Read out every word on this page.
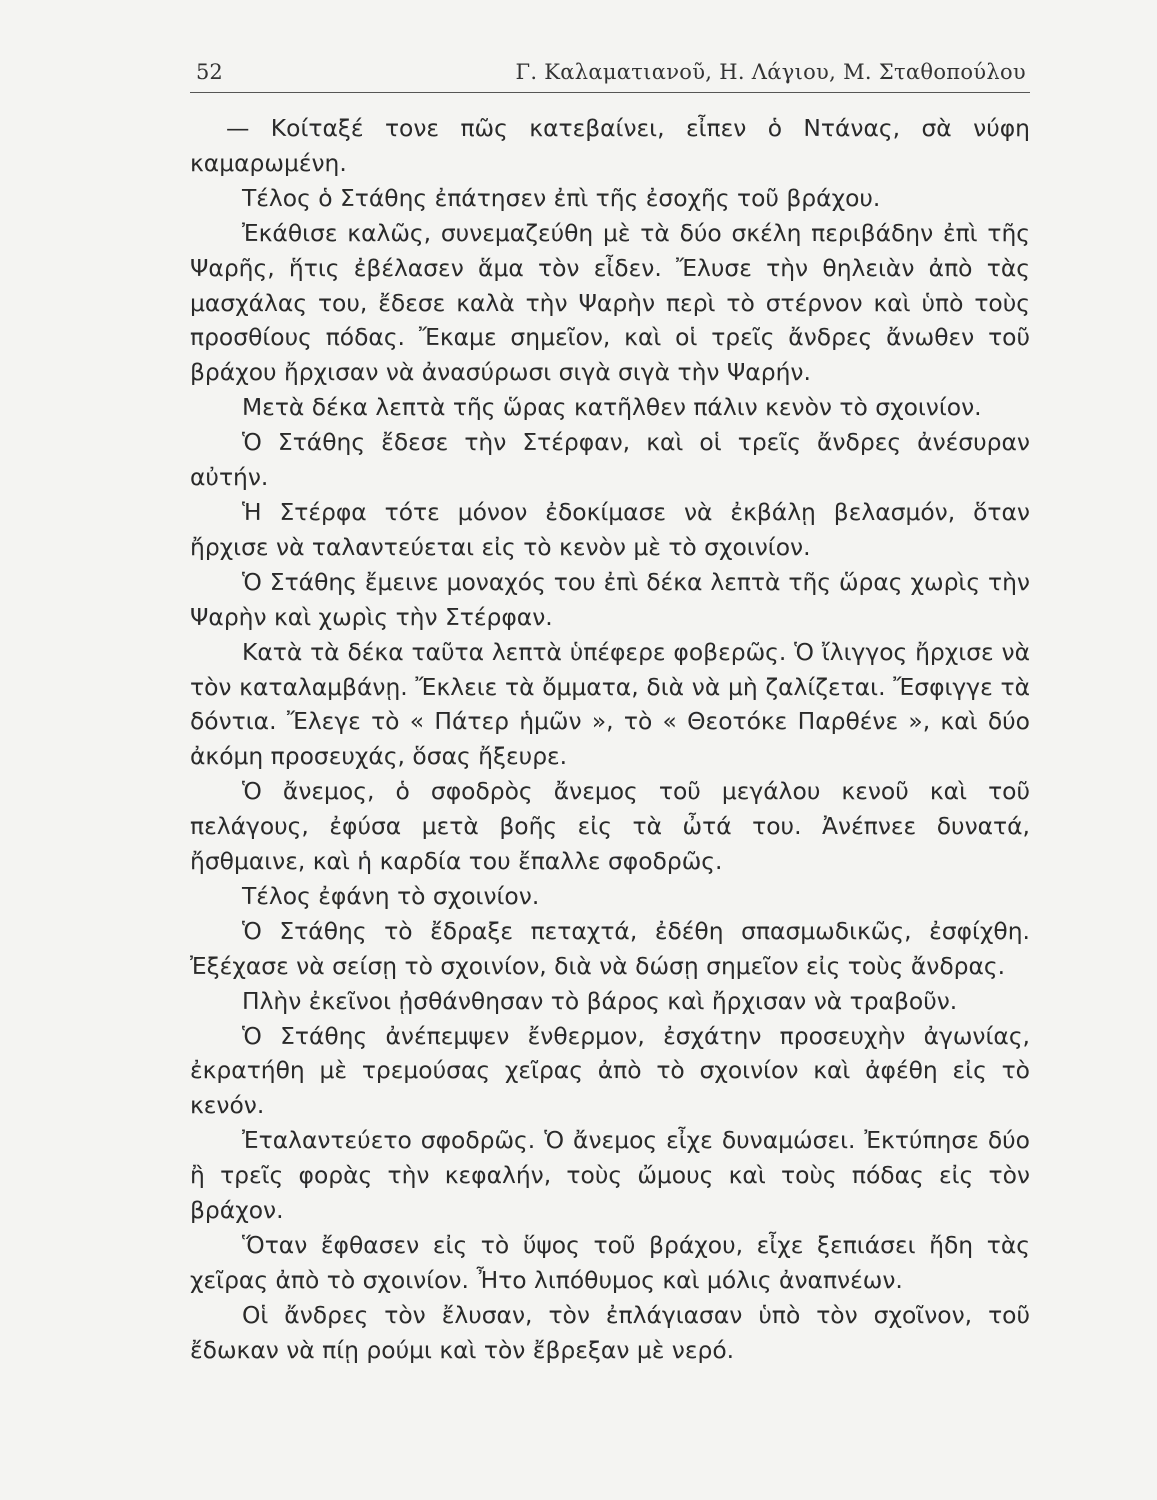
52	Γ. Καλαματιανοῦ, Η. Λάγιου, Μ. Σταθοπούλου

— Κοίταξέ τονε πῶς κατεβαίνει, εἶπεν ὁ Ντάνας, σὰ νύφη καμαρωμένη.

Τέλος ὁ Στάθης ἐπάτησεν ἐπὶ τῆς ἐσοχῆς τοῦ βράχου.

Ἐκάθισε καλῶς, συνεμαζεύθη μὲ τὰ δύο σκέλη περιβάδην ἐπὶ τῆς Ψαρῆς, ἥτις ἐβέλασεν ἅμα τὸν εἶδεν. Ἔλυσε τὴν θηλειὰν ἀπὸ τὰς μασχάλας του, ἔδεσε καλὰ τὴν Ψαρὴν περὶ τὸ στέρνον καὶ ὑπὸ τοὺς προσθίους πόδας. Ἔκαμε σημεῖον, καὶ οἱ τρεῖς ἄνδρες ἄνωθεν τοῦ βράχου ἤρχισαν νὰ ἀνασύρωσι σιγὰ σιγὰ τὴν Ψαρήν.

Μετὰ δέκα λεπτὰ τῆς ὥρας κατῆλθεν πάλιν κενὸν τὸ σχοινίον.

Ὁ Στάθης ἔδεσε τὴν Στέρφαν, καὶ οἱ τρεῖς ἄνδρες ἀνέσυραν αὐτήν.

Ἡ Στέρφα τότε μόνον ἐδοκίμασε νὰ ἐκβάλῃ βελασμόν, ὅταν ἤρχισε νὰ ταλαντεύεται εἰς τὸ κενὸν μὲ τὸ σχοινίον.

Ὁ Στάθης ἔμεινε μοναχός του ἐπὶ δέκα λεπτὰ τῆς ὥρας χωρὶς τὴν Ψαρὴν καὶ χωρὶς τὴν Στέρφαν.

Κατὰ τὰ δέκα ταῦτα λεπτὰ ὑπέφερε φοβερῶς. Ὁ ἴλιγγος ἤρχισε νὰ τὸν καταλαμβάνῃ. Ἔκλειε τὰ ὄμματα, διὰ νὰ μὴ ζαλίζεται. Ἔσφιγγε τὰ δόντια. Ἔλεγε τὸ « Πάτερ ἡμῶν », τὸ « Θεοτόκε Παρθένε », καὶ δύο ἀκόμη προσευχάς, ὅσας ἤξευρε.

Ὁ ἄνεμος, ὁ σφοδρὸς ἄνεμος τοῦ μεγάλου κενοῦ καὶ τοῦ πελάγους, ἐφύσα μετὰ βοῆς εἰς τὰ ὦτά του. Ἀνέπνεε δυνατά, ἤσθμαινε, καὶ ἡ καρδία του ἔπαλλε σφοδρῶς.

Τέλος ἐφάνη τὸ σχοινίον.

Ὁ Στάθης τὸ ἔδραξε πεταχτά, ἐδέθη σπασμωδικῶς, ἐσφίχθη. Ἐξέχασε νὰ σείσῃ τὸ σχοινίον, διὰ νὰ δώσῃ σημεῖον εἰς τοὺς ἄνδρας.

Πλὴν ἐκεῖνοι ᾐσθάνθησαν τὸ βάρος καὶ ἤρχισαν νὰ τραβοῦν.

Ὁ Στάθης ἀνέπεμψεν ἔνθερμον, ἐσχάτην προσευχὴν ἀγωνίας, ἐκρατήθη μὲ τρεμούσας χεῖρας ἀπὸ τὸ σχοινίον καὶ ἀφέθη εἰς τὸ κενόν.

Ἐταλαντεύετο σφοδρῶς. Ὁ ἄνεμος εἶχε δυναμώσει. Ἐκτύπησε δύο ἢ τρεῖς φορὰς τὴν κεφαλήν, τοὺς ὤμους καὶ τοὺς πόδας εἰς τὸν βράχον.

Ὅταν ἔφθασεν εἰς τὸ ὕψος τοῦ βράχου, εἶχε ξεπιάσει ἤδη τὰς χεῖρας ἀπὸ τὸ σχοινίον. Ἦτο λιπόθυμος καὶ μόλις ἀναπνέων.

Οἱ ἄνδρες τὸν ἔλυσαν, τὸν ἐπλάγιασαν ὑπὸ τὸν σχοῖνον, τοῦ ἔδωκαν νὰ πίῃ ρούμι καὶ τὸν ἔβρεξαν μὲ νερό.
